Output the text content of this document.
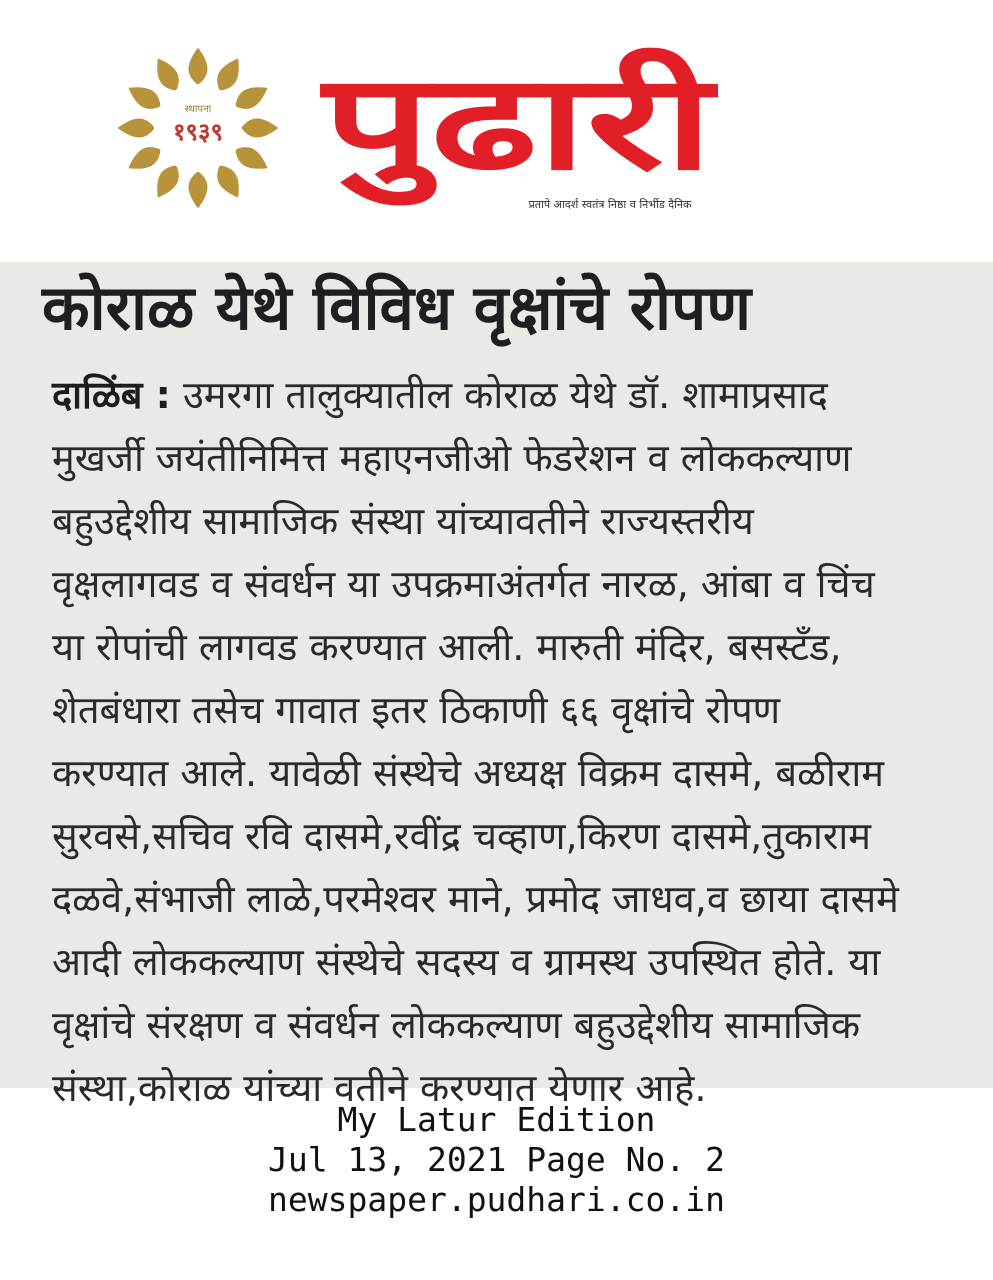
स्थापना
१९३९ पुढारी
प्रतापे आदर्श स्वतंत्र निष्ठा व निर्भीड दैनिक
कोराळ येथे विविध वृक्षांचे रोपण
दाळिंब : उमरगा तालुक्यातील कोराळ येथे डॉ. शामाप्रसाद
मुखर्जी जयंतीनिमित्त महाएनजीओ फेडरेशन व लोककल्याण
बहुउद्देशीय सामाजिक संस्था यांच्यावतीने राज्यस्तरीय
वृक्षलागवड व संवर्धन या उपक्रमाअंतर्गत नारळ, आंबा व चिंच
या रोपांची लागवड करण्यात आली. मारुती मंदिर, बसस्टँड,
शेतबंधारा तसेच गावात इतर ठिकाणी ६६ वृक्षांचे रोपण
करण्यात आले. यावेळी संस्थेचे अध्यक्ष विक्रम दासमे, बळीराम
सुरवसे,सचिव रवि दासमे,रवींद्र चव्हाण,किरण दासमे,तुकाराम
दळवे,संभाजी लाळे,परमेश्वर माने, प्रमोद जाधव,व छाया दासमे
आदी लोककल्याण संस्थेचे सदस्य व ग्रामस्थ उपस्थित होते. या
वृक्षांचे संरक्षण व संवर्धन लोककल्याण बहुउद्देशीय सामाजिक
संस्था,कोराळ यांच्या वतीने करण्यात येणार आहे.
My Latur Edition
Jul 13, 2021 Page No. 2
newspaper.pudhari.co.in
